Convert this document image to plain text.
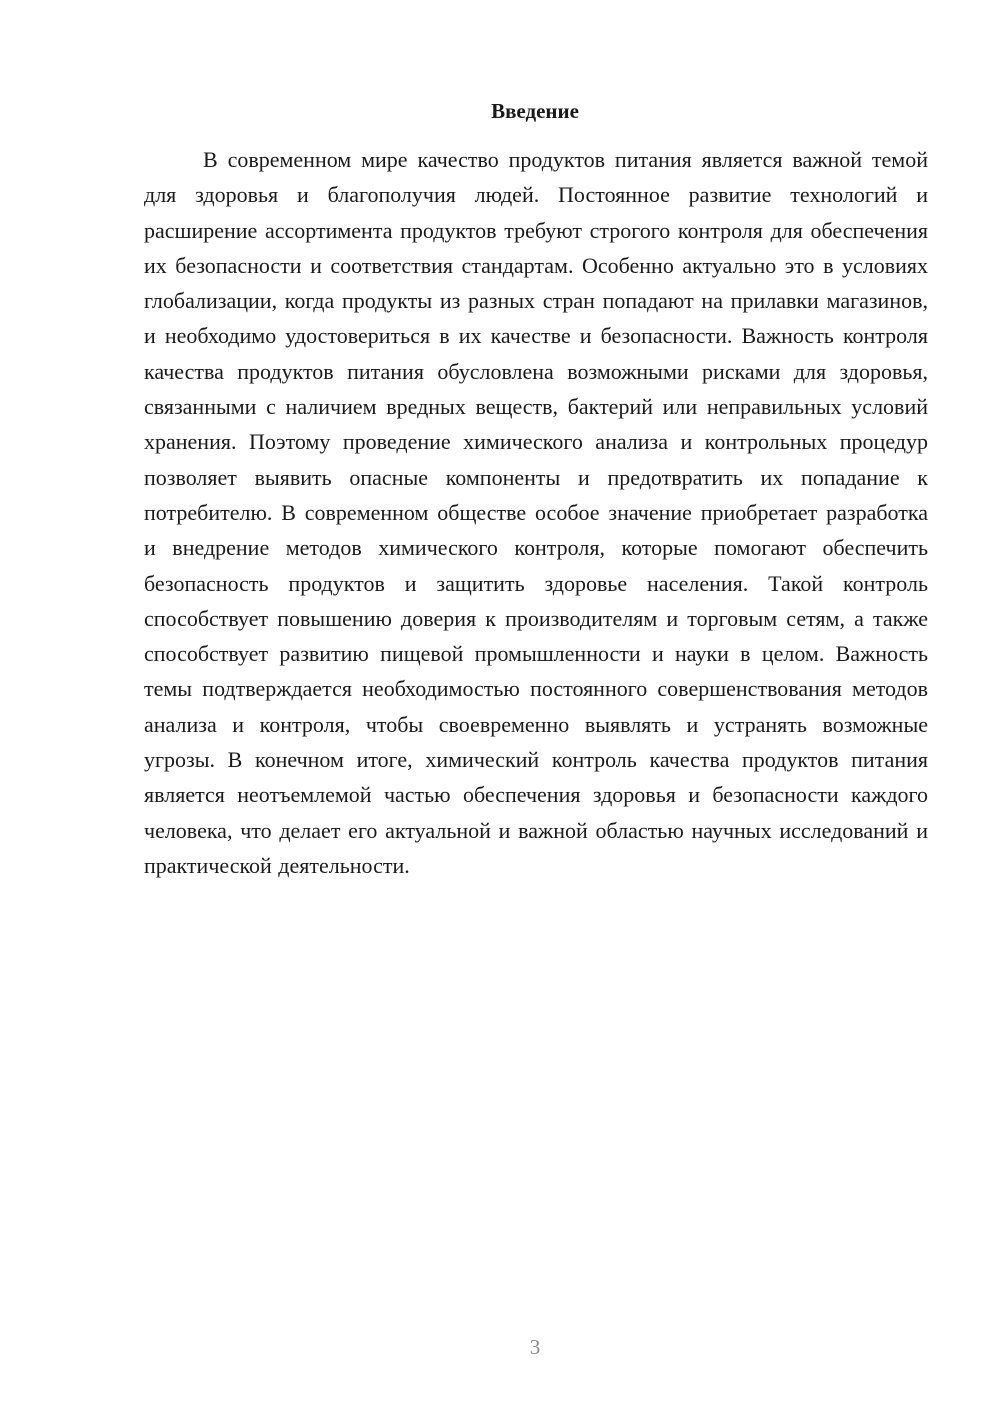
Введение

В современном мире качество продуктов питания является важной темой для здоровья и благополучия людей. Постоянное развитие технологий и расширение ассортимента продуктов требуют строгого контроля для обеспечения их безопасности и соответствия стандартам. Особенно актуально это в условиях глобализации, когда продукты из разных стран попадают на прилавки магазинов, и необходимо удостовериться в их качестве и безопасности. Важность контроля качества продуктов питания обусловлена возможными рисками для здоровья, связанными с наличием вредных веществ, бактерий или неправильных условий хранения. Поэтому проведение химического анализа и контрольных процедур позволяет выявить опасные компоненты и предотвратить их попадание к потребителю. В современном обществе особое значение приобретает разработка и внедрение методов химического контроля, которые помогают обеспечить безопасность продуктов и защитить здоровье населения. Такой контроль способствует повышению доверия к производителям и торговым сетям, а также способствует развитию пищевой промышленности и науки в целом. Важность темы подтверждается необходимостью постоянного совершенствования методов анализа и контроля, чтобы своевременно выявлять и устранять возможные угрозы. В конечном итоге, химический контроль качества продуктов питания является неотъемлемой частью обеспечения здоровья и безопасности каждого человека, что делает его актуальной и важной областью научных исследований и практической деятельности.

3
